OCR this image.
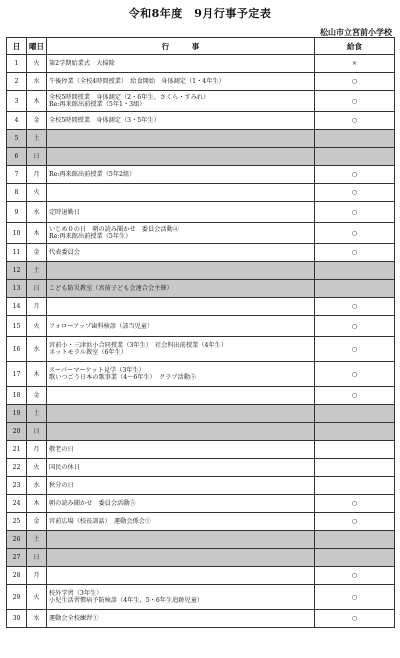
令和8年度　9月行事予定表
松山市立宮前小学校
日	曜日	行　　　事	給食
1	火	第2学期始業式　大掃除	×
2	水	午後停業（全校4時間授業）　給食開始　身体測定（1・4年生）	○
3	木	全校5時間授業　身体測定（2・6年生、さくら・すみれ）
Re:再来館出前授業（5年1・3組）	○
4	金	全校5時間授業　身体測定（3・5年生）	○
5	土		
6	日		
7	月	Re:再来館出前授業（5年2組）	○
8	火		○
9	水	定時退勤日	○
10	木	いじめ０の日　朝の読み聞かせ　委員会活動④
Re:再来館出前授業（5年生）	○
11	金	代表委員会	○
12	土		
13	日	こども防災教室（宮前子ども会連合会主催）	

14	月		○
15	火	フォローアップ歯科検診（該当児童）	○
16	水	宮前小・三津浜小合同授業（3年生）　社会科出前授業（4年生）
ネットモラル教室（6年生）	○
17	木	スーパーマーケット見学（3年生）
歌いつごう日本の歌事業（4〜6年生）　クラブ活動⑤	○
18	金		○
19	土		
20	日		
21	月	敬老の日	

22	火	国民の休日	

23	水	秋分の日	

24	木	朝の読み聞かせ　委員会活動⑤	○
25	金	宮前広場（校長訓話）　運動会係会①	○
26	土		
27	日		
28	月		○
29	火	校外学習（3年生）
小児生活習慣病予防検診（4年生、5・6年生追跡児童）	○
30	水	運動会全校練習①	○
